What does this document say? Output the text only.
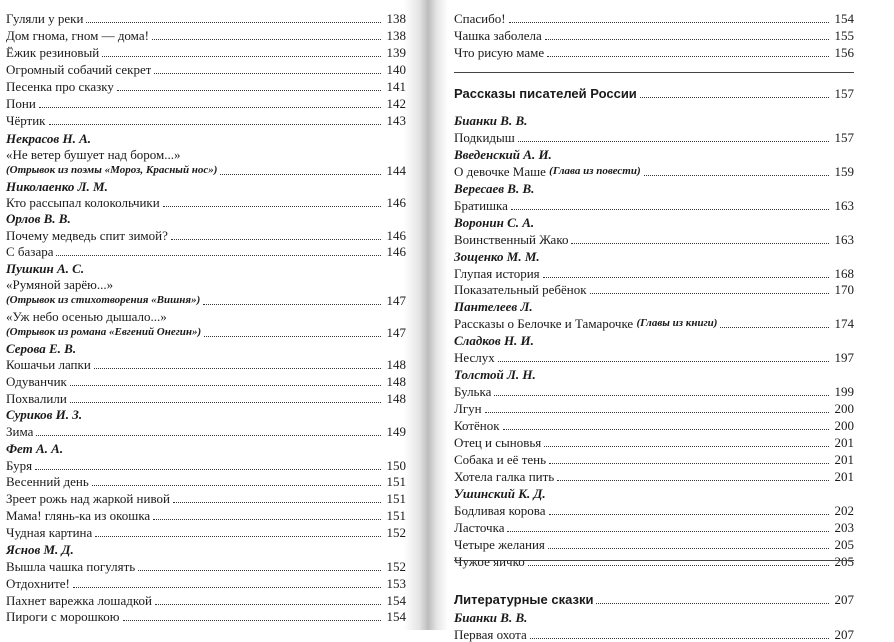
Гуляли у реки	138
Дом гнома, гном — дома!	138
Ёжик резиновый	139
Огромный собачий секрет	140
Песенка про сказку	141
Пони	142
Чёртик	143
Некрасов Н. А.
«Не ветер бушует над бором...»
(Отрывок из поэмы «Мороз, Красный нос»)	144
Николаенко Л. М.
Кто рассыпал колокольчики	146
Орлов В. В.
Почему медведь спит зимой?	146
С базара	146
Пушкин А. С.
«Румяной зарёю...»
(Отрывок из стихотворения «Вишня»)	147
«Уж небо осенью дышало...»
(Отрывок из романа «Евгений Онегин»)	147
Серова Е. В.
Кошачьи лапки	148
Одуванчик	148
Похвалили	148
Суриков И. З.
Зима	149
Фет А. А.
Буря	150
Весенний день	151
Зреет рожь над жаркой нивой	151
Мама! глянь-ка из окошка	151
Чудная картина	152
Яснов М. Д.
Вышла чашка погулять	152
Отдохните!	153
Пахнет варежка лошадкой	154
Пироги с морошкою	154
Спасибо!	154
Чашка заболела	155
Что рисую маме	156
Рассказы писателей России	157
Бианки В. В.
Подкидыш	157
Введенский А. И.
О девочке Маше
(Глава из повести)	159
Вересаев В. В.
Братишка	163
Воронин С. А.
Воинственный Жако	163
Зощенко М. М.
Глупая история	168
Показательный ребёнок	170
Пантелеев Л.
Рассказы о Белочке и Тамарочке
(Главы из книги)	174
Сладков Н. И.
Неслух	197
Толстой Л. Н.
Булька	199
Лгун	200
Котёнок	200
Отец и сыновья	201
Собака и её тень	201
Хотела галка пить	201
Ушинский К. Д.
Бодливая корова	202
Ласточка	203
Четыре желания	205
Чужое яичко	205
Литературные сказки	207
Бианки В. В.
Первая охота	207
